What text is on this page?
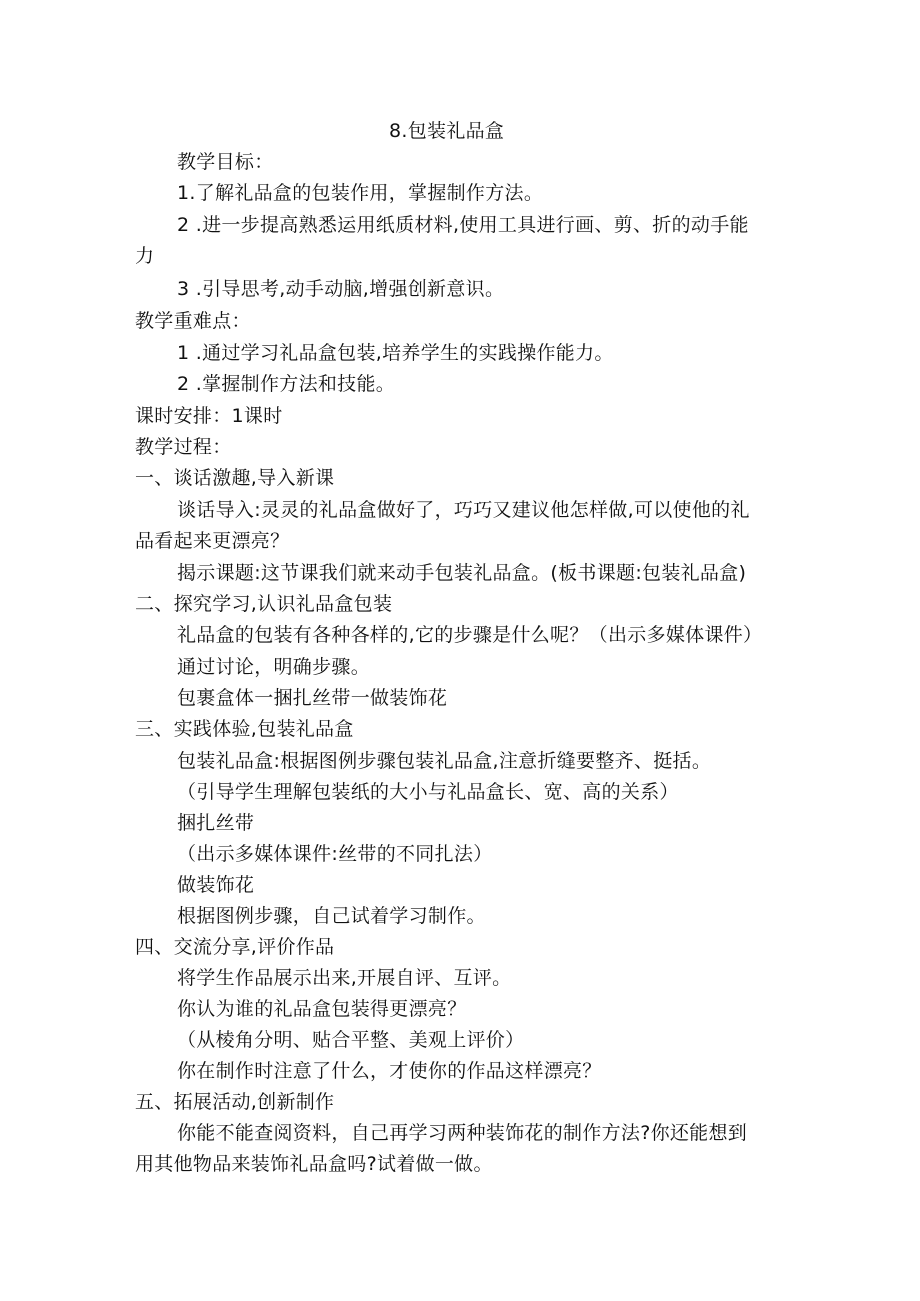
8.包装礼品盒
教学目标：
1.了解礼品盒的包装作用，掌握制作方法。
2 .进一步提高熟悉运用纸质材料,使用工具进行画、剪、折的动手能
力
3 .引导思考,动手动脑,增强创新意识。
教学重难点：
1 .通过学习礼品盒包装,培养学生的实践操作能力。
2 .掌握制作方法和技能。
课时安排：1课时
教学过程：
一、谈话激趣,导入新课
谈话导入:灵灵的礼品盒做好了，巧巧又建议他怎样做,可以使他的礼
品看起来更漂亮？
揭示课题:这节课我们就来动手包装礼品盒。(板书课题:包装礼品盒)
二、探究学习,认识礼品盒包装
礼品盒的包装有各种各样的,它的步骤是什么呢？（出示多媒体课件）
通过讨论，明确步骤。
包裹盒体一捆扎丝带一做装饰花
三、实践体验,包装礼品盒
包装礼品盒:根据图例步骤包装礼品盒,注意折缝要整齐、挺括。
（引导学生理解包装纸的大小与礼品盒长、宽、高的关系）
捆扎丝带
（出示多媒体课件:丝带的不同扎法）
做装饰花
根据图例步骤，自己试着学习制作。
四、交流分享,评价作品
将学生作品展示出来,开展自评、互评。
你认为谁的礼品盒包装得更漂亮？
（从棱角分明、贴合平整、美观上评价）
你在制作时注意了什么，才使你的作品这样漂亮？
五、拓展活动,创新制作
你能不能查阅资料，自己再学习两种装饰花的制作方法?你还能想到
用其他物品来装饰礼品盒吗?试着做一做。
